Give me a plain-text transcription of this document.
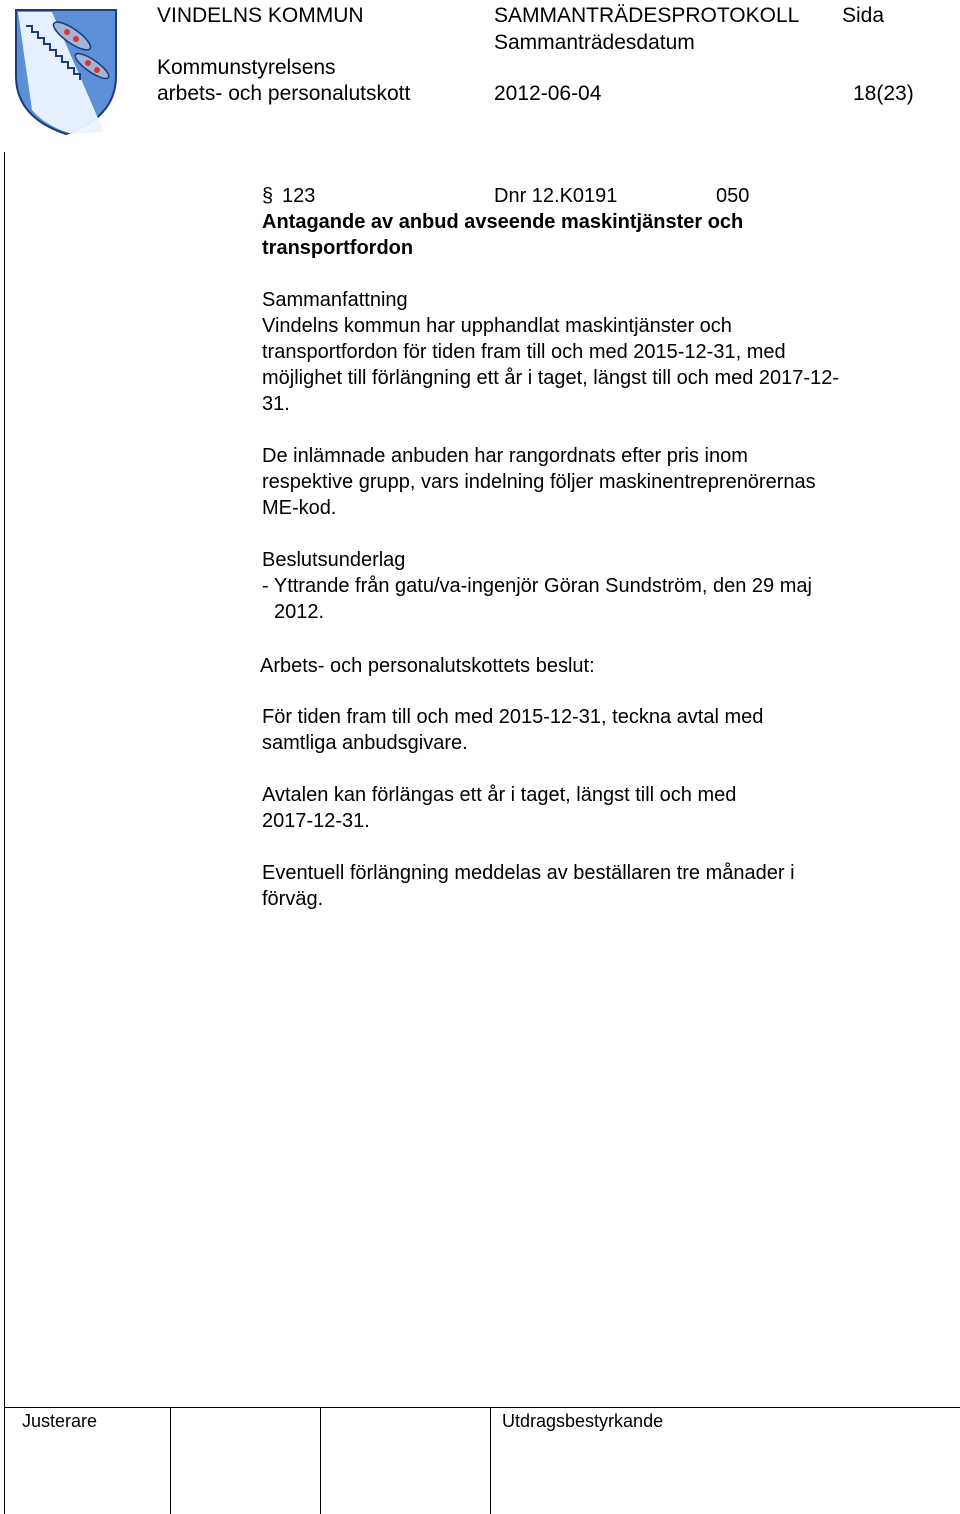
VINDELNS KOMMUN	SAMMANTRÄDESPROTOKOLL Sida
Sammanträdesdatum
Kommunstyrelsens
arbets- och personalutskott	2012-06-04	18(23)
§ 123	Dnr 12.K0191	050
Antagande av anbud avseende maskintjänster och
transportfordon
Sammanfattning
Vindelns kommun har upphandlat maskintjänster och
transportfordon för tiden fram till och med 2015-12-31, med
möjlighet till förlängning ett år i taget, längst till och med 2017-12-
31.
De inlämnade anbuden har rangordnats efter pris inom
respektive grupp, vars indelning följer maskinentreprenörernas
ME-kod.
Beslutsunderlag
- Yttrande från gatu/va-ingenjör Göran Sundström, den 29 maj
2012.
Arbets- och personalutskottets beslut:
För tiden fram till och med 2015-12-31, teckna avtal med
samtliga anbudsgivare.
Avtalen kan förlängas ett år i taget, längst till och med
2017-12-31.
Eventuell förlängning meddelas av beställaren tre månader i
förväg.
Justerare	Utdragsbestyrkande
